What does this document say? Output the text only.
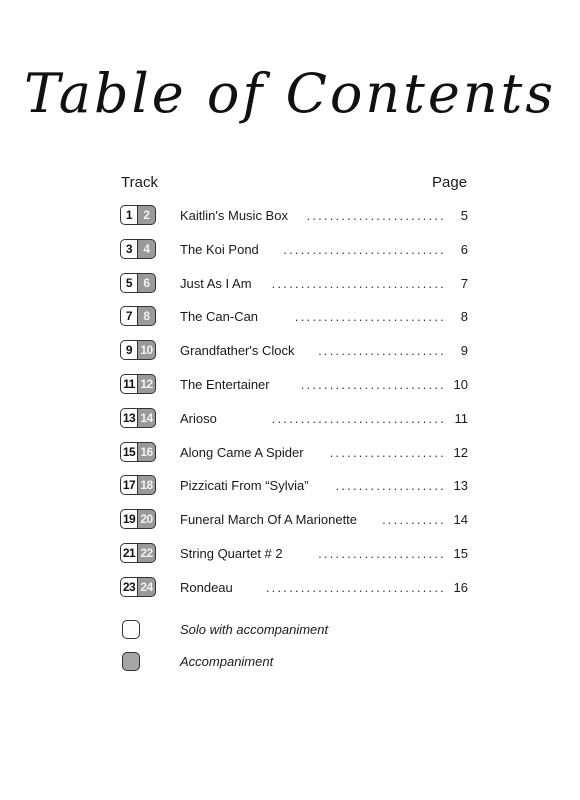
Table of Contents
Track	Page
1 2	Kaitlin's Music Box	........................ 5
3 4	The Koi Pond	............................ 6
5 6	Just As I Am	.............................. 7
7 8	The Can-Can	.......................... 8
9 10 Grandfather's Clock	...................... 9
11 12 The Entertainer	......................... 10
13 14 Arioso	.............................. 11
15 16 Along Came A Spider	.................... 12
17 18 Pizzicati From “Sylvia”	................... 13
19 20 Funeral March Of A Marionette	........... 14
21 22 String Quartet # 2	...................... 15
23 24 Rondeau	............................... 16
Solo with accompaniment
Accompaniment
